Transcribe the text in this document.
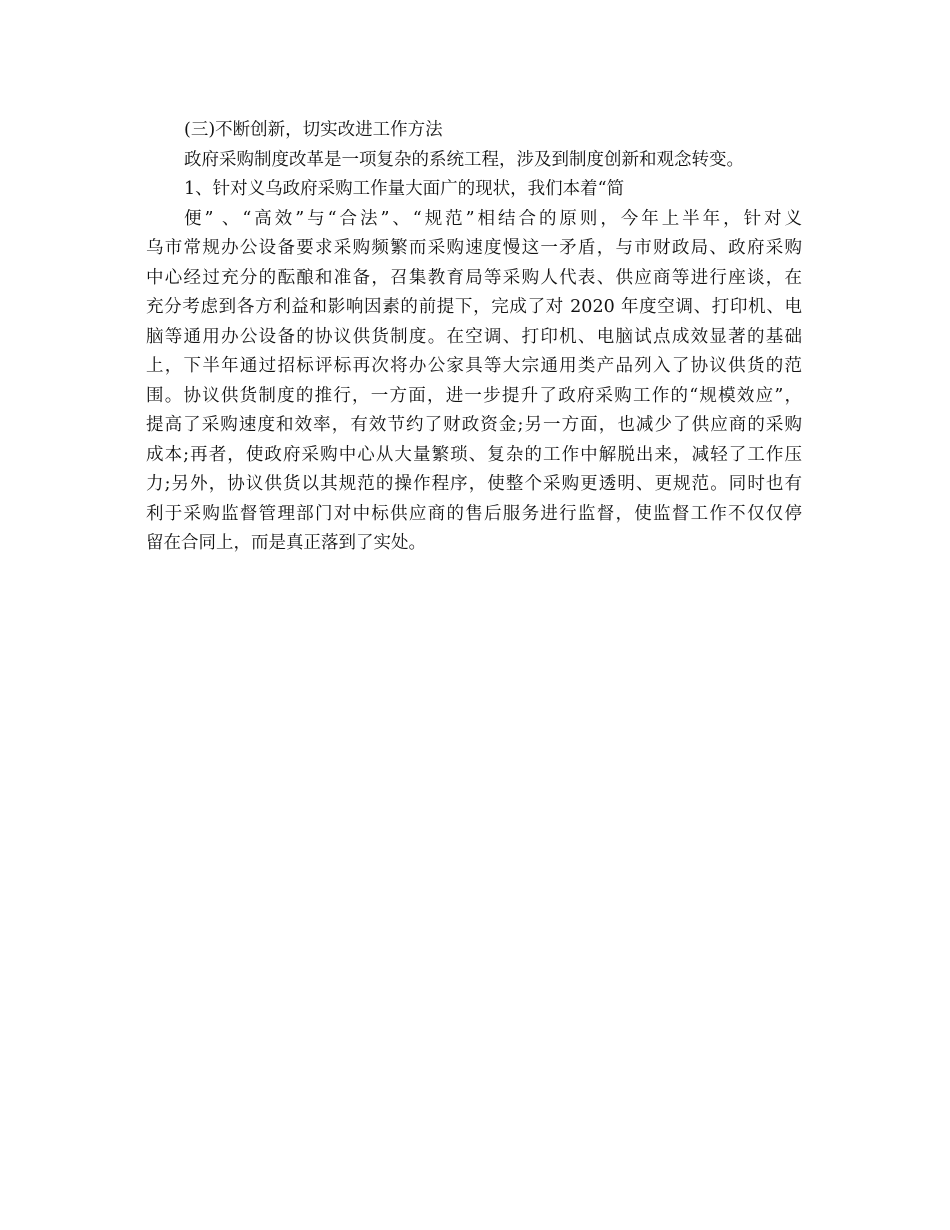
(三)不断创新，切实改进工作方法
政府采购制度改革是一项复杂的系统工程，涉及到制度创新和观念转变。
1、针对义乌政府采购工作量大面广的现状，我们本着“简
便” 、“高效”与“合法”、“规范”相结合的原则，今年上半年，针对义
乌市常规办公设备要求采购频繁而采购速度慢这一矛盾，与市财政局、政府采购
中心经过充分的酝酿和准备，召集教育局等采购人代表、供应商等进行座谈，在
充分考虑到各方利益和影响因素的前提下，完成了对 2020 年度空调、打印机、电
脑等通用办公设备的协议供货制度。在空调、打印机、电脑试点成效显著的基础
上，下半年通过招标评标再次将办公家具等大宗通用类产品列入了协议供货的范
围。协议供货制度的推行，一方面，进一步提升了政府采购工作的“规模效应”，
提高了采购速度和效率，有效节约了财政资金;另一方面，也减少了供应商的采购
成本;再者，使政府采购中心从大量繁琐、复杂的工作中解脱出来，减轻了工作压
力;另外，协议供货以其规范的操作程序，使整个采购更透明、更规范。同时也有
利于采购监督管理部门对中标供应商的售后服务进行监督，使监督工作不仅仅停
留在合同上，而是真正落到了实处。
